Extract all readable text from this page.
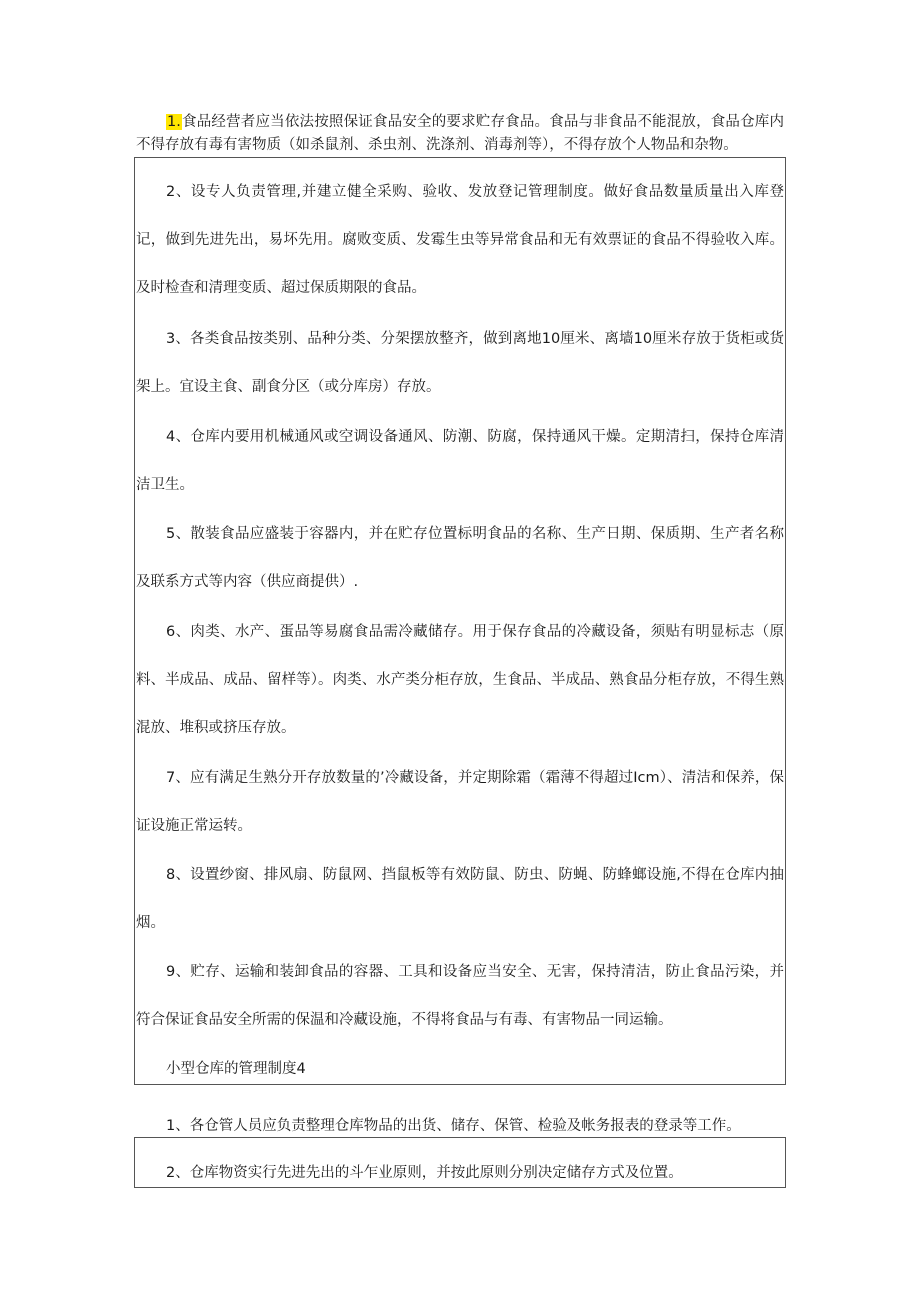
1.食品经营者应当依法按照保证食品安全的要求贮存食品。食品与非食品不能混放，食品仓库内不得存放有毒有害物质（如杀鼠剂、杀虫剂、洗涤剂、消毒剂等），不得存放个人物品和杂物。

2、设专人负责管理,并建立健全采购、验收、发放登记管理制度。做好食品数量质量出入库登记，做到先进先出，易坏先用。腐败变质、发霉生虫等异常食品和无有效票证的食品不得验收入库。及时检查和清理变质、超过保质期限的食品。

3、各类食品按类别、品种分类、分架摆放整齐，做到离地10厘米、离墙10厘米存放于货柜或货架上。宜设主食、副食分区（或分库房）存放。

4、仓库内要用机械通风或空调设备通风、防潮、防腐，保持通风干燥。定期清扫，保持仓库清洁卫生。

5、散装食品应盛装于容器内，并在贮存位置标明食品的名称、生产日期、保质期、生产者名称及联系方式等内容（供应商提供）.

6、肉类、水产、蛋品等易腐食品需冷藏储存。用于保存食品的冷藏设备，须贴有明显标志（原料、半成品、成品、留样等）。肉类、水产类分柜存放，生食品、半成品、熟食品分柜存放，不得生熟混放、堆积或挤压存放。

7、应有满足生熟分开存放数量的’冷藏设备，并定期除霜（霜薄不得超过Icm）、清洁和保养，保证设施正常运转。

8、设置纱窗、排风扇、防鼠网、挡鼠板等有效防鼠、防虫、防蝇、防蜂螂设施,不得在仓库内抽烟。

9、贮存、运输和装卸食品的容器、工具和设备应当安全、无害，保持清洁，防止食品污染，并符合保证食品安全所需的保温和冷藏设施，不得将食品与有毒、有害物品一同运输。

小型仓库的管理制度4

1、各仓管人员应负责整理仓库物品的出货、储存、保管、检验及帐务报表的登录等工作。

2、仓库物资实行先进先出的斗乍业原则，并按此原则分别决定储存方式及位置。
